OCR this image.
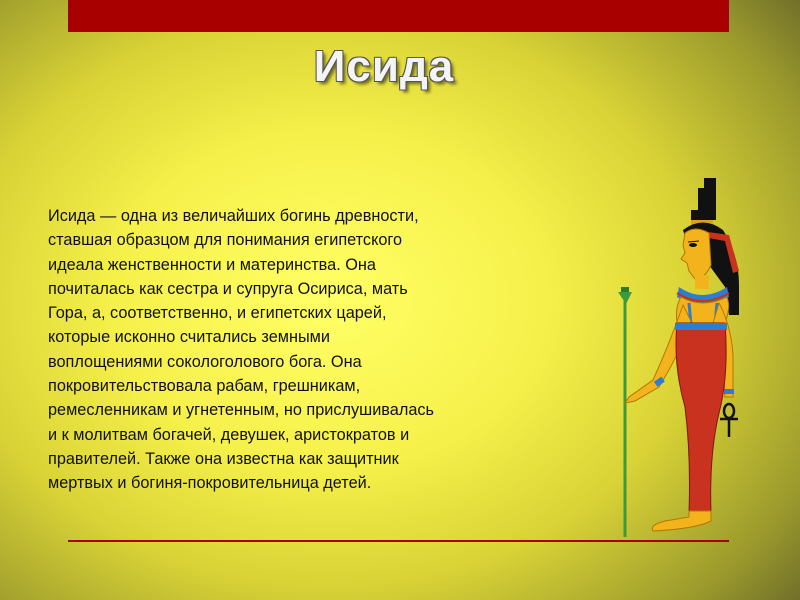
Исида

Исида — одна из величайших богинь древности,
ставшая образцом для понимания египетского
идеала женственности и материнства. Она
почиталась как сестра и супруга Осириса, мать
Гора, а, соответственно, и египетских царей,
которые исконно считались земными
воплощениями сокологолового бога. Она
покровительствовала рабам, грешникам,
ремесленникам и угнетенным, но прислушивалась
и к молитвам богачей, девушек, аристократов и
правителей. Также она известна как защитник
мертвых и богиня-покровительница детей.
